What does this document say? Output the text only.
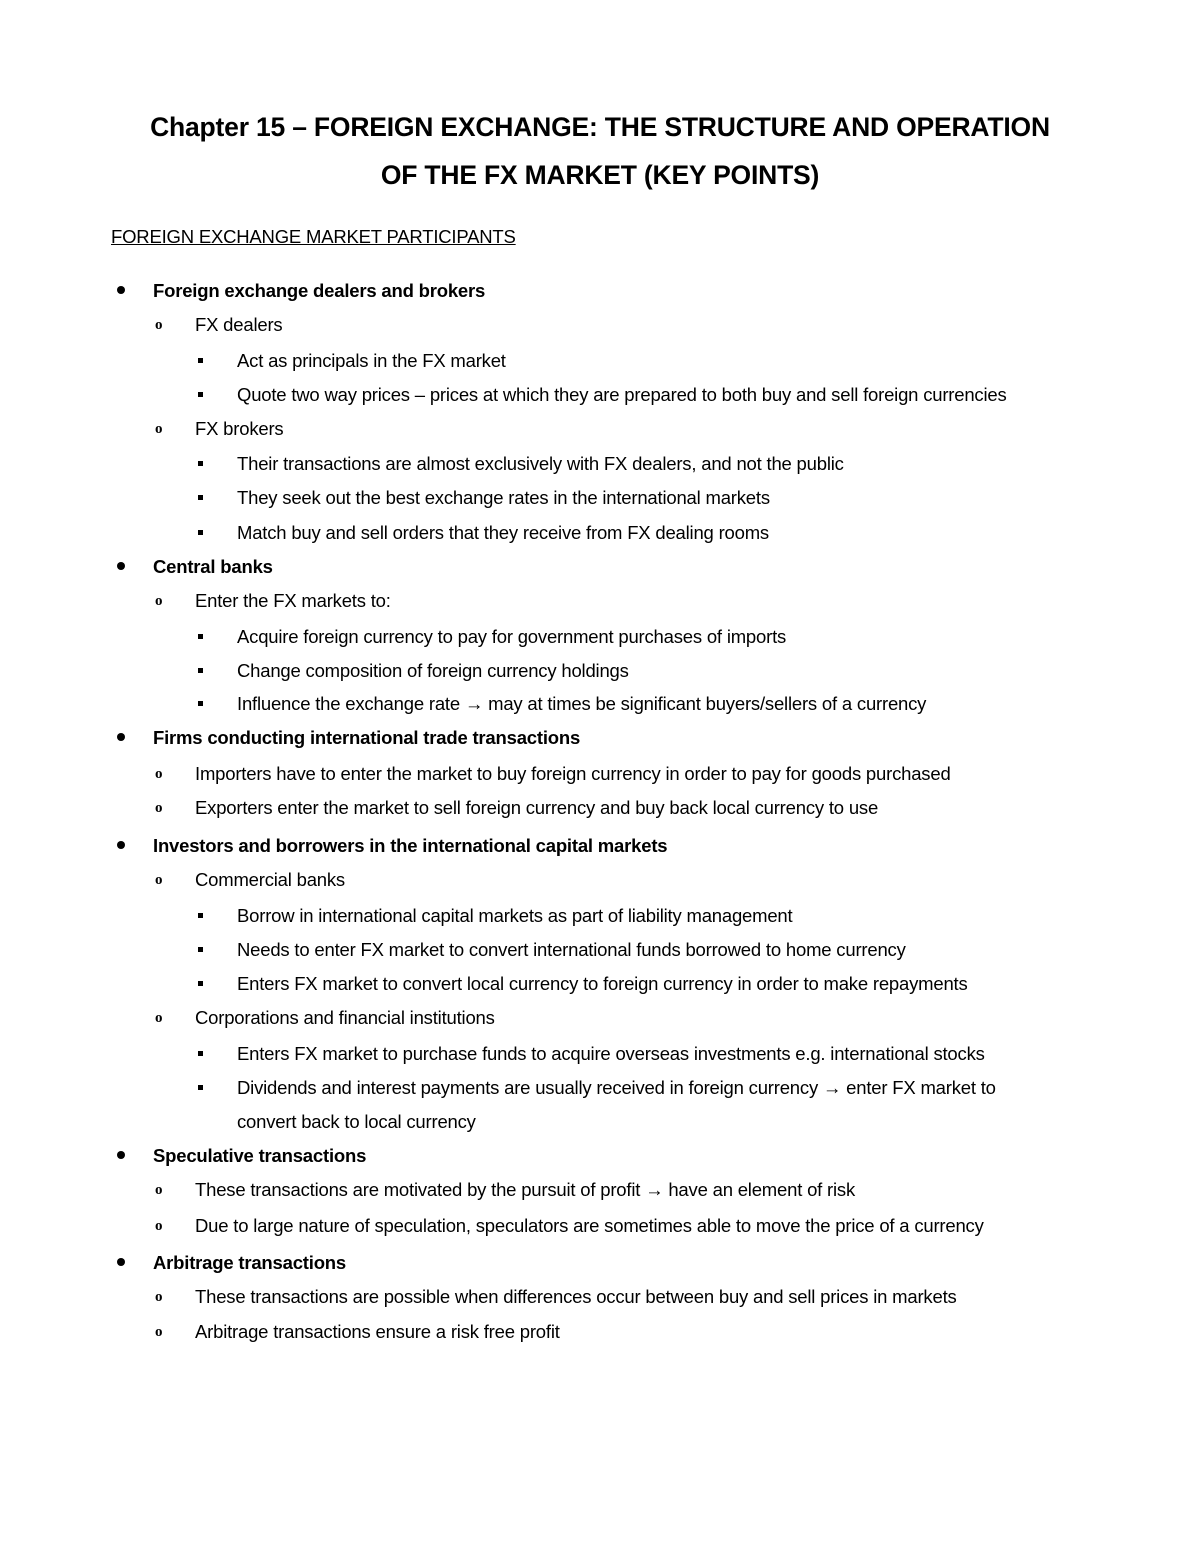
Chapter 15 – FOREIGN EXCHANGE: THE STRUCTURE AND OPERATION
OF THE FX MARKET (KEY POINTS)
FOREIGN EXCHANGE MARKET PARTICIPANTS
Foreign exchange dealers and brokers
FX dealers
o
Act as principals in the FX market
Quote two way prices – prices at which they are prepared to both buy and sell foreign currencies
FX brokers
o
Their transactions are almost exclusively with FX dealers, and not the public
They seek out the best exchange rates in the international markets
Match buy and sell orders that they receive from FX dealing rooms
Central banks
Enter the FX markets to:
o
Acquire foreign currency to pay for government purchases of imports
Change composition of foreign currency holdings
Influence the exchange rate → may at times be significant buyers/sellers of a currency
Firms conducting international trade transactions
Importers have to enter the market to buy foreign currency in order to pay for goods purchased
o
Exporters enter the market to sell foreign currency and buy back local currency to use
o
Investors and borrowers in the international capital markets
Commercial banks
o
Borrow in international capital markets as part of liability management
Needs to enter FX market to convert international funds borrowed to home currency
Enters FX market to convert local currency to foreign currency in order to make repayments
Corporations and financial institutions
o
Enters FX market to purchase funds to acquire overseas investments e.g. international stocks
Dividends and interest payments are usually received in foreign currency → enter FX market to
convert back to local currency
Speculative transactions
These transactions are motivated by the pursuit of profit → have an element of risk
o
Due to large nature of speculation, speculators are sometimes able to move the price of a currency
o
Arbitrage transactions
These transactions are possible when differences occur between buy and sell prices in markets
o
Arbitrage transactions ensure a risk free profit
o
